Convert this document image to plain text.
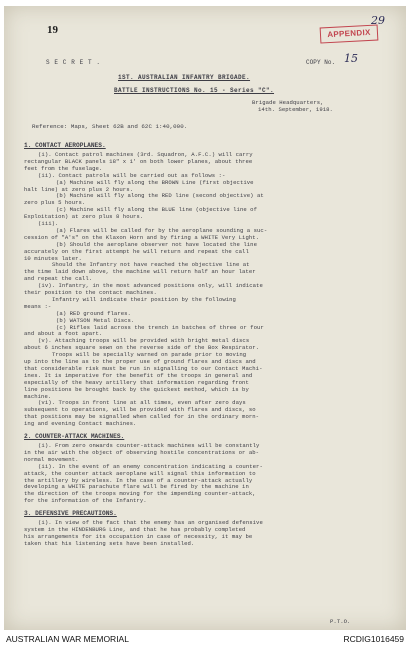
19
29
APPENDIX
S E C R E T .	COPY No. 15
1ST. AUSTRALIAN INFANTRY BRIGADE.
BATTLE INSTRUCTIONS No. 15 - Series "C".
Brigade Headquarters,
14th. September, 1918.
Reference: Maps, Sheet 62B and 62C 1:40,000.
1. CONTACT AEROPLANES.
(i). Contact patrol machines (3rd. Squadron, A.F.C.) will carry
rectangular BLACK panels 18" x 1' on both lower planes, about three
feet from the fuselage.
(ii). Contact patrols will be carried out as follows :-
(a) Machine will fly along the BROWN Line (first objective
halt line) at zero plus 2 hours.
(b) Machine will fly along the RED line (second objective) at
zero plus 5 hours.
(c) Machine will fly along the BLUE line (objective line of
Exploitation) at zero plus 8 hours.
(iii).
(a) Flares will be called for by the aeroplane sounding a suc-
cession of "A's" on the Klaxon Horn and by firing a WHITE Very Light.
(b) Should the aeroplane observer not have located the line
accurately on the first attempt he will return and repeat the call
10 minutes later.
Should the Infantry not have reached the objective line at
the time laid down above, the machine will return half an hour later
and repeat the call.
(iv). Infantry, in the most advanced positions only, will indicate
their position to the contact machines.
Infantry will indicate their position by the following
means :-
(a) RED ground flares.
(b) WATSON Metal Discs.
(c) Rifles laid across the trench in batches of three or four
and about a foot apart.
(v). Attaching troops will be provided with bright metal discs
about 6 inches square sewn on the reverse side of the Box Respirator.
Troops will be specially warned on parade prior to moving
up into the line as to the proper use of ground flares and discs and
that considerable risk must be run in signalling to our Contact Machi-
ines. It is imperative for the benefit of the troops in general and
especially of the heavy artillery that information regarding front
line positions be brought back by the quickest method, which is by
machine.
(vi). Troops in front line at all times, even after zero days
subsequent to operations, will be provided with flares and discs, so
that positions may be signalled when called for in the ordinary morn-
ing and evening Contact machines.
2. COUNTER-ATTACK MACHINES.
(i). From zero onwards counter-attack machines will be constantly
in the air with the object of observing hostile concentrations or ab-
normal movement.
(ii). In the event of an enemy concentration indicating a counter-
attack, the counter attack aeroplane will signal this information to
the artillery by wireless. In the case of a counter-attack actually
developing a WHITE parachute flare will be fired by the machine in
the direction of the troops moving for the impending counter-attack,
for the information of the Infantry.
3. DEFENSIVE PRECAUTIONS.
(i). In view of the fact that the enemy has an organised defensive
system in the HINDENBURG Line, and that he has probably completed
his arrangements for its occupation in case of necessity, it may be
taken that his listening sets have been installed.
P.T.O.
AUSTRALIAN WAR MEMORIAL	RCDIG1016459
